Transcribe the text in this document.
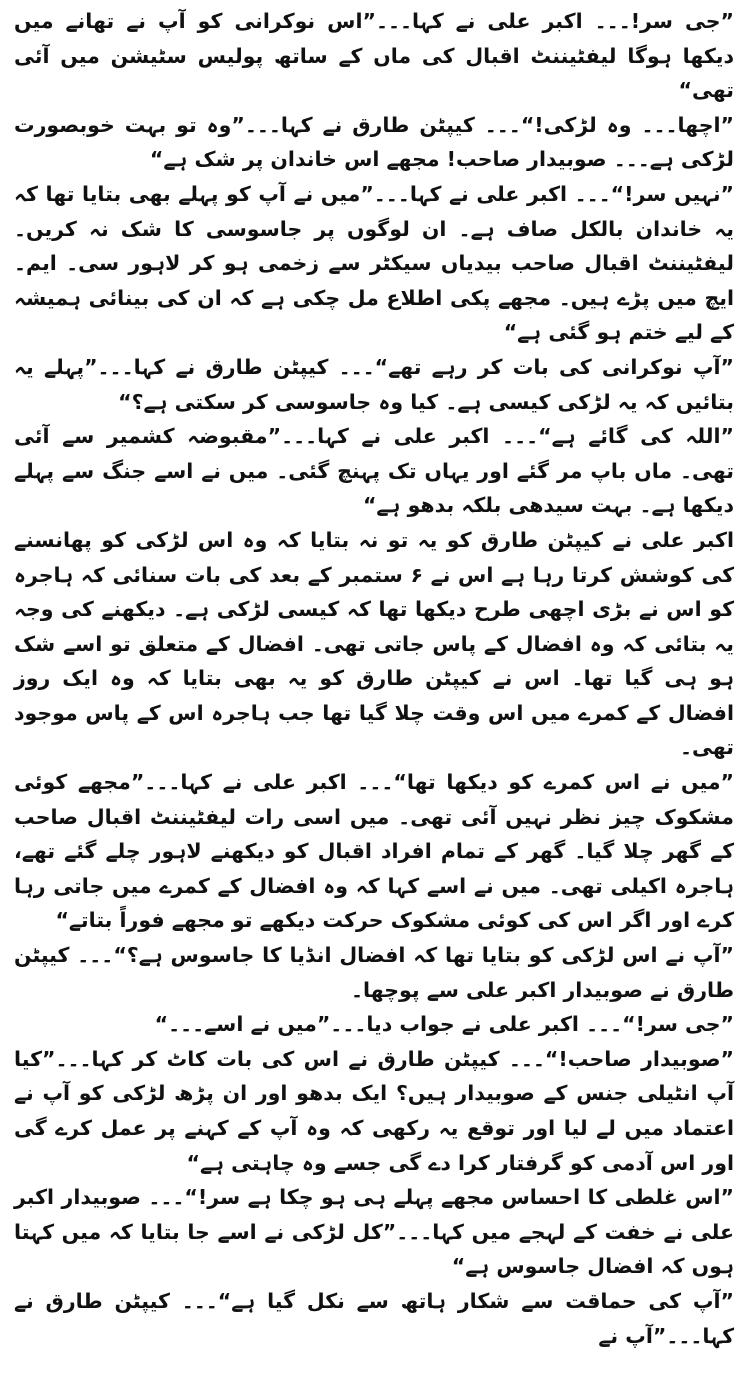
”جی سر!۔۔۔ اکبر علی نے کہا۔۔۔”اس نوکرانی کو آپ نے تھانے میں دیکھا ہوگا لیفٹیننٹ اقبال کی ماں کے ساتھ پولیس سٹیشن میں آئی تھی“

”اچھا۔۔۔ وہ لڑکی!“۔۔۔ کیپٹن طارق نے کہا۔۔۔”وہ تو بہت خوبصورت لڑکی ہے۔۔۔ صوبیدار صاحب! مجھے اس خاندان پر شک ہے“

”نہیں سر!“۔۔۔ اکبر علی نے کہا۔۔۔”میں نے آپ کو پہلے بھی بتایا تھا کہ یہ خاندان بالکل صاف ہے۔ ان لوگوں پر جاسوسی کا شک نہ کریں۔ لیفٹیننٹ اقبال صاحب بیدیاں سیکٹر سے زخمی ہو کر لاہور سی۔ ایم۔ ایچ میں پڑے ہیں۔ مجھے پکی اطلاع مل چکی ہے کہ ان کی بینائی ہمیشہ کے لیے ختم ہو گئی ہے“

”آپ نوکرانی کی بات کر رہے تھے“۔۔۔ کیپٹن طارق نے کہا۔۔۔”پہلے یہ بتائیں کہ یہ لڑکی کیسی ہے۔ کیا وہ جاسوسی کر سکتی ہے؟“

”اللہ کی گائے ہے“۔۔۔ اکبر علی نے کہا۔۔۔”مقبوضہ کشمیر سے آئی تھی۔ ماں باپ مر گئے اور یہاں تک پہنچ گئی۔ میں نے اسے جنگ سے پہلے دیکھا ہے۔ بہت سیدھی بلکہ بدھو ہے“

اکبر علی نے کیپٹن طارق کو یہ تو نہ بتایا کہ وہ اس لڑکی کو پھانسنے کی کوشش کرتا رہا ہے اس نے ۶ ستمبر کے بعد کی بات سنائی کہ ہاجرہ کو اس نے بڑی اچھی طرح دیکھا تھا کہ کیسی لڑکی ہے۔ دیکھنے کی وجہ یہ بتائی کہ وہ افضال کے پاس جاتی تھی۔ افضال کے متعلق تو اسے شک ہو ہی گیا تھا۔ اس نے کیپٹن طارق کو یہ بھی بتایا کہ وہ ایک روز افضال کے کمرے میں اس وقت چلا گیا تھا جب ہاجرہ اس کے پاس موجود تھی۔

”میں نے اس کمرے کو دیکھا تھا“۔۔۔ اکبر علی نے کہا۔۔۔”مجھے کوئی مشکوک چیز نظر نہیں آئی تھی۔ میں اسی رات لیفٹیننٹ اقبال صاحب کے گھر چلا گیا۔ گھر کے تمام افراد اقبال کو دیکھنے لاہور چلے گئے تھے، ہاجرہ اکیلی تھی۔ میں نے اسے کہا کہ وہ افضال کے کمرے میں جاتی رہا کرے اور اگر اس کی کوئی مشکوک حرکت دیکھے تو مجھے فوراً بتاتے“

”آپ نے اس لڑکی کو بتایا تھا کہ افضال انڈیا کا جاسوس ہے؟“۔۔۔ کیپٹن طارق نے صوبیدار اکبر علی سے پوچھا۔

”جی سر!“۔۔۔ اکبر علی نے جواب دیا۔۔۔”میں نے اسے۔۔۔“

”صوبیدار صاحب!“۔۔۔ کیپٹن طارق نے اس کی بات کاٹ کر کہا۔۔۔”کیا آپ انٹیلی جنس کے صوبیدار ہیں؟ ایک بدھو اور ان پڑھ لڑکی کو آپ نے اعتماد میں لے لیا اور توقع یہ رکھی کہ وہ آپ کے کہنے پر عمل کرے گی اور اس آدمی کو گرفتار کرا دے گی جسے وہ چاہتی ہے“

”اس غلطی کا احساس مجھے پہلے ہی ہو چکا ہے سر!“۔۔۔ صوبیدار اکبر علی نے خفت کے لہجے میں کہا۔۔۔”کل لڑکی نے اسے جا بتایا کہ میں کہتا ہوں کہ افضال جاسوس ہے“

”آپ کی حماقت سے شکار ہاتھ سے نکل گیا ہے“۔۔۔ کیپٹن طارق نے کہا۔۔۔”آپ نے
